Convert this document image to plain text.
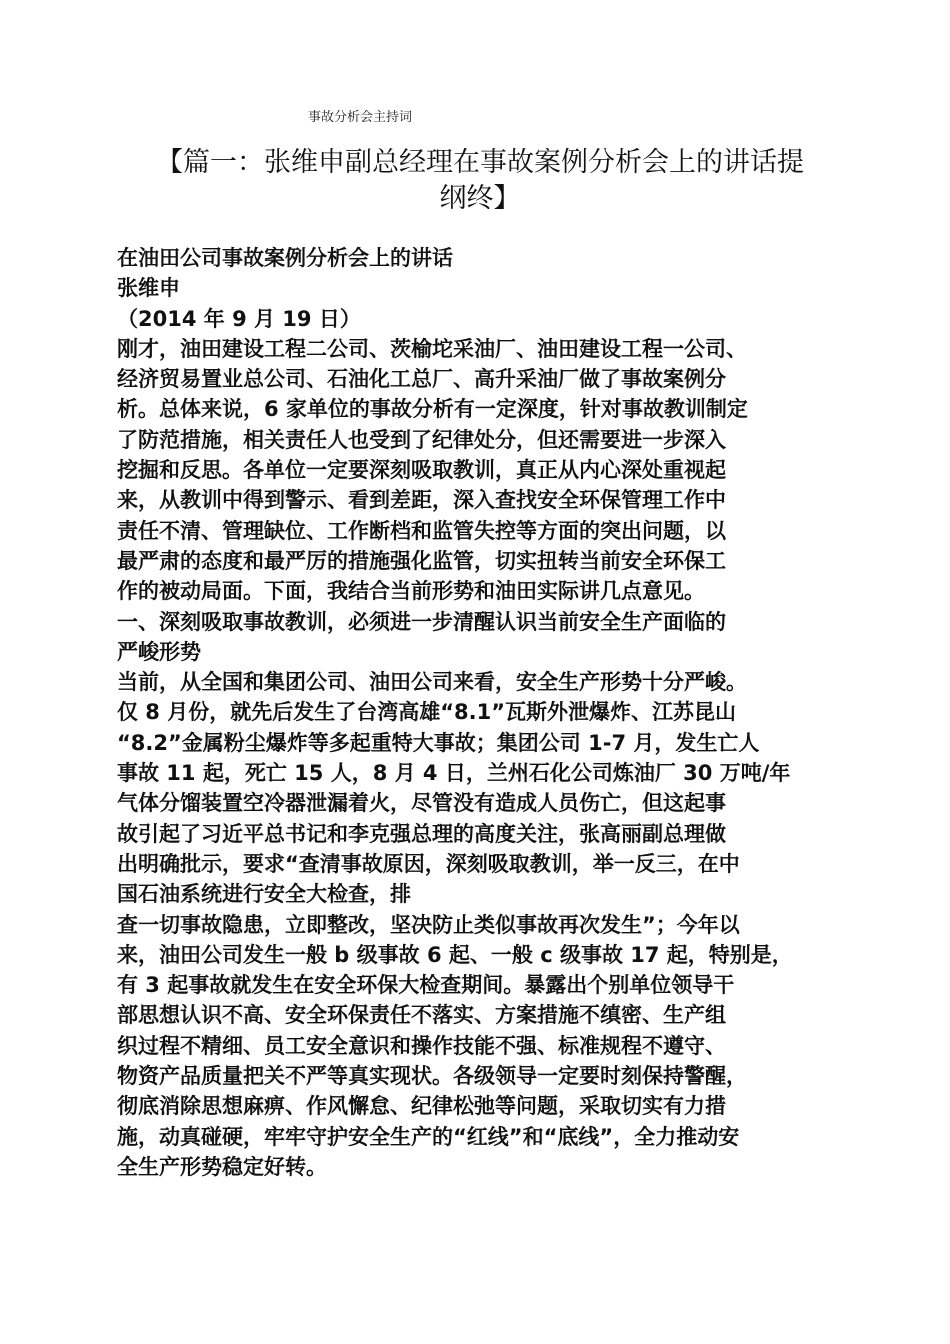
事故分析会主持词
【篇一：张维申副总经理在事故案例分析会上的讲话提
纲终】
在油田公司事故案例分析会上的讲话
张维申
（2014 年 9 月 19 日）
刚才，油田建设工程二公司、茨榆坨采油厂、油田建设工程一公司、
经济贸易置业总公司、石油化工总厂、高升采油厂做了事故案例分
析。总体来说，6 家单位的事故分析有一定深度，针对事故教训制定
了防范措施，相关责任人也受到了纪律处分，但还需要进一步深入
挖掘和反思。各单位一定要深刻吸取教训，真正从内心深处重视起
来，从教训中得到警示、看到差距，深入查找安全环保管理工作中
责任不清、管理缺位、工作断档和监管失控等方面的突出问题，以
最严肃的态度和最严厉的措施强化监管，切实扭转当前安全环保工
作的被动局面。下面，我结合当前形势和油田实际讲几点意见。
一、深刻吸取事故教训，必须进一步清醒认识当前安全生产面临的
严峻形势
当前，从全国和集团公司、油田公司来看，安全生产形势十分严峻。
仅 8 月份，就先后发生了台湾高雄“8.1”瓦斯外泄爆炸、江苏昆山
“8.2”金属粉尘爆炸等多起重特大事故；集团公司 1-7 月，发生亡人
事故 11 起，死亡 15 人，8 月 4 日，兰州石化公司炼油厂 30 万吨/年
气体分馏装置空冷器泄漏着火，尽管没有造成人员伤亡，但这起事
故引起了习近平总书记和李克强总理的高度关注，张高丽副总理做
出明确批示，要求“查清事故原因，深刻吸取教训，举一反三，在中
国石油系统进行安全大检查，排
查一切事故隐患，立即整改，坚决防止类似事故再次发生”；今年以
来，油田公司发生一般 b 级事故 6 起、一般 c 级事故 17 起，特别是，
有 3 起事故就发生在安全环保大检查期间。暴露出个别单位领导干
部思想认识不高、安全环保责任不落实、方案措施不缜密、生产组
织过程不精细、员工安全意识和操作技能不强、标准规程不遵守、
物资产品质量把关不严等真实现状。各级领导一定要时刻保持警醒，
彻底消除思想麻痹、作风懈怠、纪律松弛等问题，采取切实有力措
施，动真碰硬，牢牢守护安全生产的“红线”和“底线”，全力推动安
全生产形势稳定好转。
